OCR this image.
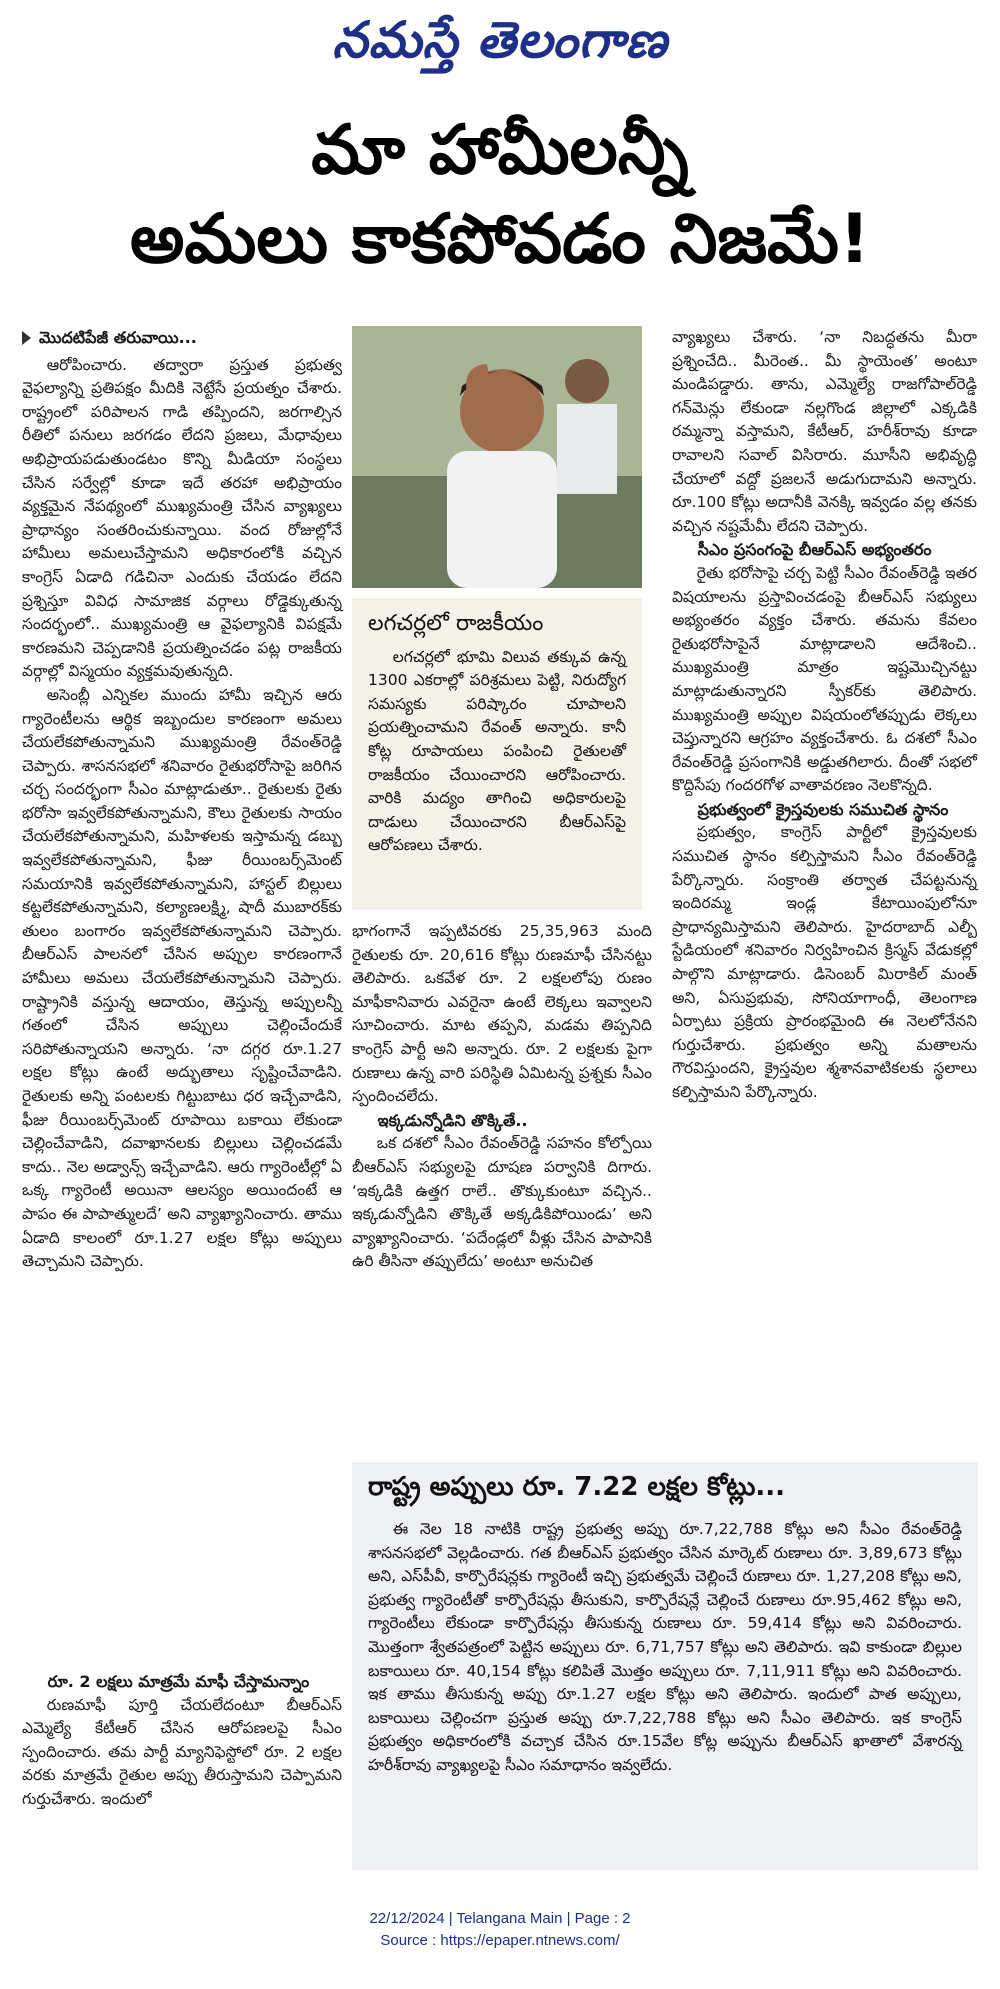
నమస్తే తెలంగాణ
మా హామీలన్నీ
అమలు కాకపోవడం నిజమే!
మొదటిపేజీ తరువాయి...

ఆరోపించారు. తద్వారా ప్రస్తుత ప్రభుత్వ వైఫల్యాన్ని ప్రతిపక్షం మీదికి నెట్టేసే ప్రయత్నం చేశారు. రాష్ట్రంలో పరిపాలన గాడి తప్పిందని, జరగాల్సిన రీతిలో పనులు జరగడం లేదని ప్రజలు, మేధావులు అభిప్రాయపడుతుండటం కొన్ని మీడియా సంస్థలు చేసిన సర్వేల్లో కూడా ఇదే తరహా అభిప్రాయం వ్యక్తమైన నేపథ్యంలో ముఖ్యమంత్రి చేసిన వ్యాఖ్యలు ప్రాధాన్యం సంతరించుకున్నాయి. వంద రోజుల్లోనే హామీలు అమలుచేస్తామని అధికారంలోకి వచ్చిన కాంగ్రెస్ ఏడాది గడిచినా ఎందుకు చేయడం లేదని ప్రశ్నిస్తూ వివిధ సామాజిక వర్గాలు రోడ్డెక్కుతున్న సందర్భంలో.. ముఖ్యమంత్రి ఆ వైఫల్యానికి విపక్షమే కారణమని చెప్పడానికి ప్రయత్నించడం పట్ల రాజకీయ వర్గాల్లో విస్మయం వ్యక్తమవుతున్నది.

అసెంబ్లీ ఎన్నికల ముందు హామీ ఇచ్చిన ఆరు గ్యారెంటీలను ఆర్థిక ఇబ్బందుల కారణంగా అమలు చేయలేకపోతున్నామని ముఖ్యమంత్రి రేవంత్‌రెడ్డి చెప్పారు. శాసనసభలో శనివారం రైతుభరోసాపై జరిగిన చర్చ సందర్భంగా సీఎం మాట్లాడుతూ.. రైతులకు రైతు భరోసా ఇవ్వలేకపోతున్నామని, కౌలు రైతులకు సాయం చేయలేకపోతున్నామని, మహిళలకు ఇస్తామన్న డబ్బు ఇవ్వలేకపోతున్నామని, ఫీజు రీయింబర్స్‌మెంట్ సమయానికి ఇవ్వలేకపోతున్నామని, హాస్టల్ బిల్లులు కట్టలేకపోతున్నామని, కల్యాణలక్ష్మి, షాదీ ముబారక్‌కు తులం బంగారం ఇవ్వలేకపోతున్నామని చెప్పారు. బీఆర్‌ఎస్ పాలనలో చేసిన అప్పుల కారణంగానే హామీలు అమలు చేయలేకపోతున్నామని చెప్పారు. రాష్ట్రానికి వస్తున్న ఆదాయం, తెస్తున్న అప్పులన్నీ గతంలో చేసిన అప్పులు చెల్లించేందుకే సరిపోతున్నాయని అన్నారు. ‘నా దగ్గర రూ.1.27 లక్షల కోట్లు ఉంటే అద్భుతాలు సృష్టించేవాడిని. రైతులకు అన్ని పంటలకు గిట్టుబాటు ధర ఇచ్చేవాడిని, ఫీజు రీయింబర్స్‌మెంట్ రూపాయి బకాయి లేకుండా చెల్లించేవాడిని, దవాఖానలకు బిల్లులు చెల్లించడమే కాదు.. నెల అడ్వాన్స్ ఇచ్చేవాడిని. ఆరు గ్యారెంటీల్లో ఏ ఒక్క గ్యారెంటీ అయినా ఆలస్యం అయిందంటే ఆ పాపం ఈ పాపాత్ములదే’ అని వ్యాఖ్యానించారు. తాము ఏడాది కాలంలో రూ.1.27 లక్షల కోట్లు అప్పులు తెచ్చామని చెప్పారు.

రూ. 2 లక్షలు మాత్రమే మాఫీ చేస్తామన్నాం

రుణమాఫీ పూర్తి చేయలేదంటూ బీఆర్‌ఎస్ ఎమ్మెల్యే కేటీఆర్ చేసిన ఆరోపణలపై సీఎం స్పందించారు. తమ పార్టీ మ్యానిఫెస్టోలో రూ. 2 లక్షల వరకు మాత్రమే రైతుల అప్పు తీరుస్తామని చెప్పామని గుర్తుచేశారు. ఇందులో

లగచర్లలో రాజకీయం

లగచర్లలో భూమి విలువ తక్కువ ఉన్న 1300 ఎకరాల్లో పరిశ్రమలు పెట్టి, నిరుద్యోగ సమస్యకు పరిష్కారం చూపాలని ప్రయత్నించామని రేవంత్ అన్నారు. కానీ కోట్ల రూపాయలు పంపించి రైతులతో రాజకీయం చేయించారని ఆరోపించారు. వారికి మద్యం తాగించి అధికారులపై దాడులు చేయించారని బీఆర్‌ఎస్‌పై ఆరోపణలు చేశారు.

భాగంగానే ఇప్పటివరకు 25,35,963 మంది రైతులకు రూ. 20,616 కోట్లు రుణమాఫీ చేసినట్టు తెలిపారు. ఒకవేళ రూ. 2 లక్షలలోపు రుణం మాఫీకానివారు ఎవరైనా ఉంటే లెక్కలు ఇవ్వాలని సూచించారు. మాట తప్పని, మడమ తిప్పనిది కాంగ్రెస్ పార్టీ అని అన్నారు. రూ. 2 లక్షలకు పైగా రుణాలు ఉన్న వారి పరిస్థితి ఏమిటన్న ప్రశ్నకు సీఎం స్పందించలేదు.

ఇక్కడున్నోడిని తొక్కితే..

ఒక దశలో సీఎం రేవంత్‌రెడ్డి సహనం కోల్పోయి బీఆర్‌ఎస్ సభ్యులపై దూషణ పర్వానికి దిగారు. ‘ఇక్కడికి ఉత్తగ రాలే.. తొక్కుకుంటూ వచ్చిన.. ఇక్కడున్నోడిని తొక్కితే అక్కడికిపోయిండు’ అని వ్యాఖ్యానించారు. ‘పదేండ్లలో వీళ్లు చేసిన పాపానికి ఉరి తీసినా తప్పులేదు’ అంటూ అనుచిత

వ్యాఖ్యలు చేశారు. ‘నా నిబద్ధతను మీరా ప్రశ్నించేది.. మీరెంత.. మీ స్థాయెంత’ అంటూ మండిపడ్డారు. తాను, ఎమ్మెల్యే రాజగోపాల్‌రెడ్డి గన్‌మెన్లు లేకుండా నల్లగొండ జిల్లాలో ఎక్కడికి రమ్మన్నా వస్తామని, కేటీఆర్, హరీశ్‌రావు కూడా రావాలని సవాల్ విసిరారు. మూసీని అభివృద్ధి చేయాలో వద్దో ప్రజలనే అడుగుదామని అన్నారు. రూ.100 కోట్లు అదానీకి వెనక్కి ఇవ్వడం వల్ల తనకు వచ్చిన నష్టమేమీ లేదని చెప్పారు.

సీఎం ప్రసంగంపై బీఆర్‌ఎస్ అభ్యంతరం

రైతు భరోసాపై చర్చ పెట్టి సీఎం రేవంత్‌రెడ్డి ఇతర విషయాలను ప్రస్తావించడంపై బీఆర్‌ఎస్ సభ్యులు అభ్యంతరం వ్యక్తం చేశారు. తమను కేవలం రైతుభరోసాపైనే మాట్లాడాలని ఆదేశించి.. ముఖ్యమంత్రి మాత్రం ఇష్టమొచ్చినట్టు మాట్లాడుతున్నారని స్పీకర్‌కు తెలిపారు. ముఖ్యమంత్రి అప్పుల విషయంలోతప్పుడు లెక్కలు చెప్తున్నారని ఆగ్రహం వ్యక్తంచేశారు. ఓ దశలో సీఎం రేవంత్‌రెడ్డి ప్రసంగానికి అడ్డుతగిలారు. దీంతో సభలో కొద్దిసేపు గందరగోళ వాతావరణం నెలకొన్నది.

ప్రభుత్వంలో క్రైస్తవులకు సముచిత స్థానం

ప్రభుత్వం, కాంగ్రెస్ పార్టీలో క్రైస్తవులకు సముచిత స్థానం కల్పిస్తామని సీఎం రేవంత్‌రెడ్డి పేర్కొన్నారు. సంక్రాంతి తర్వాత చేపట్టనున్న ఇందిరమ్మ ఇండ్ల కేటాయింపులోనూ ప్రాధాన్యమిస్తామని తెలిపారు. హైదరాబాద్ ఎల్బీ స్టేడియంలో శనివారం నిర్వహించిన క్రిస్మస్ వేడుకల్లో పాల్గొని మాట్లాడారు. డిసెంబర్ మిరాకిల్ మంత్ అని, ఏసుప్రభువు, సోనియాగాంధీ, తెలంగాణ ఏర్పాటు ప్రక్రియ ప్రారంభమైంది ఈ నెలలోనేనని గుర్తుచేశారు. ప్రభుత్వం అన్ని మతాలను గౌరవిస్తుందని, క్రైస్తవుల శ్మశానవాటికలకు స్థలాలు కల్పిస్తామని పేర్కొన్నారు.

రాష్ట్ర అప్పులు రూ. 7.22 లక్షల కోట్లు...

ఈ నెల 18 నాటికి రాష్ట్ర ప్రభుత్వ అప్పు రూ.7,22,788 కోట్లు అని సీఎం రేవంత్‌రెడ్డి శాసనసభలో వెల్లడించారు. గత బీఆర్‌ఎస్ ప్రభుత్వం చేసిన మార్కెట్ రుణాలు రూ. 3,89,673 కోట్లు అని, ఎస్‌పీవీ, కార్పొరేషన్లకు గ్యారెంటీ ఇచ్చి ప్రభుత్వమే చెల్లించే రుణాలు రూ. 1,27,208 కోట్లు అని, ప్రభుత్వ గ్యారెంటీతో కార్పొరేషన్లు తీసుకుని, కార్పొరేషన్లే చెల్లించే రుణాలు రూ.95,462 కోట్లు అని, గ్యారెంటీలు లేకుండా కార్పొరేషన్లు తీసుకున్న రుణాలు రూ. 59,414 కోట్లు అని వివరించారు. మొత్తంగా శ్వేతపత్రంలో పెట్టిన అప్పులు రూ. 6,71,757 కోట్లు అని తెలిపారు. ఇవి కాకుండా బిల్లుల బకాయిలు రూ. 40,154 కోట్లు కలిపితే మొత్తం అప్పులు రూ. 7,11,911 కోట్లు అని వివరించారు. ఇక తాము తీసుకున్న అప్పు రూ.1.27 లక్షల కోట్లు అని తెలిపారు. ఇందులో పాత అప్పులు, బకాయిలు చెల్లించగా ప్రస్తుత అప్పు రూ.7,22,788 కోట్లు అని సీఎం తెలిపారు. ఇక కాంగ్రెస్ ప్రభుత్వం అధికారంలోకి వచ్చాక చేసిన రూ.15వేల కోట్ల అప్పును బీఆర్‌ఎస్ ఖాతాలో వేశారన్న హరీశ్‌రావు వ్యాఖ్యలపై సీఎం సమాధానం ఇవ్వలేదు.

22/12/2024 | Telangana Main | Page : 2
Source : https://epaper.ntnews.com/
